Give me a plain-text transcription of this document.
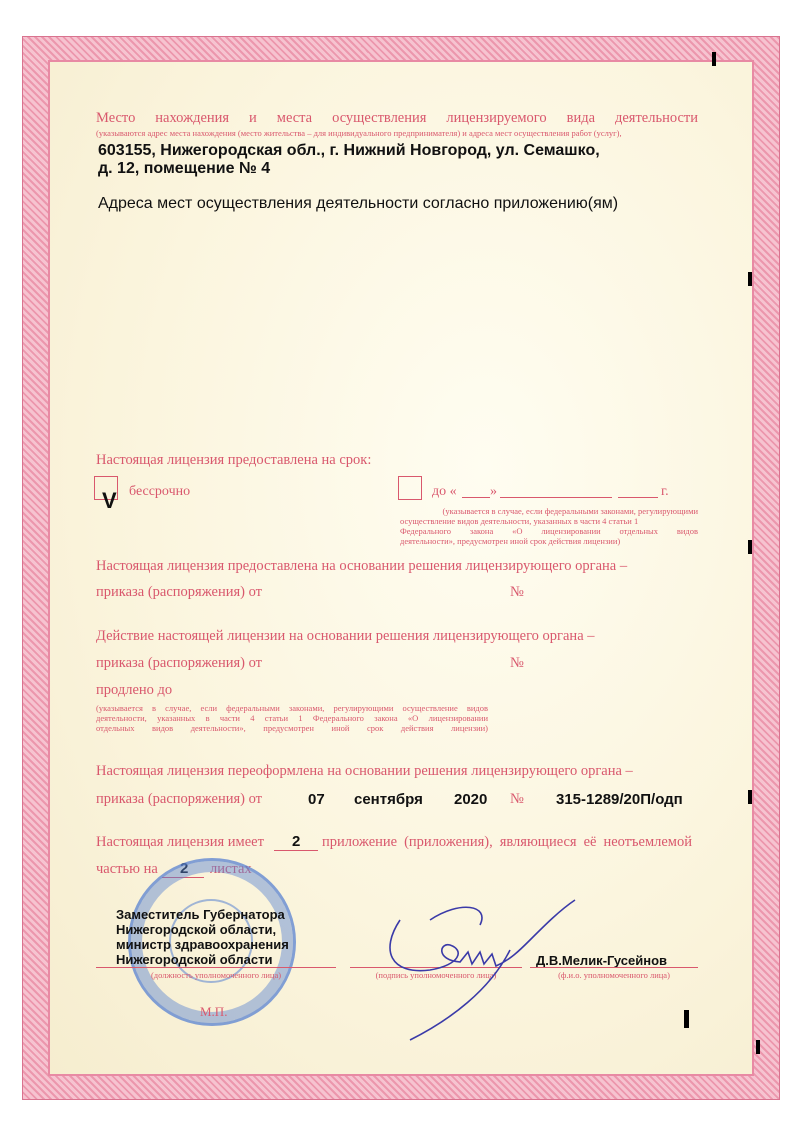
Место нахождения и места осуществления лицензируемого вида деятельности
(указываются адрес места нахождения (место жительства – для индивидуального предпринимателя) и адреса мест осуществления работ (услуг),
603155, Нижегородская обл., г. Нижний Новгород, ул. Семашко,
д. 12, помещение № 4
Адреса мест осуществления деятельности согласно приложению(ям)
Настоящая лицензия предоставлена на срок:
V бессрочно	до « »	г.
(указывается в случае, если федеральными законами, регулирующими
осуществление видов деятельности, указанных в части 4 статьи 1
Федерального закона «О лицензировании отдельных видов
деятельности», предусмотрен иной срок действия лицензии)
Настоящая лицензия предоставлена на основании решения лицензирующего органа –
приказа (распоряжения) от	№
Действие настоящей лицензии на основании решения лицензирующего органа –
приказа (распоряжения) от	№
продлено до
(указывается в случае, если федеральными законами, регулирующими осуществление видов
деятельности, указанных в части 4 статьи 1 Федерального закона «О лицензировании
отдельных видов деятельности», предусмотрен иной срок действия лицензии)
Настоящая лицензия переоформлена на основании решения лицензирующего органа –
приказа (распоряжения) от	07 сентября 2020 № 315-1289/20П/одп
Настоящая лицензия имеет 2 приложение (приложения), являющиеся её неотъемлемой
частью на 2 листах
Заместитель Губернатора
Нижегородской области,
министр здравоохранения
Нижегородской области
(должность уполномоченного лица)	(подпись уполномоченного лица)
Д.В.Мелик-Гусейнов
(ф.и.о. уполномоченного лица)
М.П.
